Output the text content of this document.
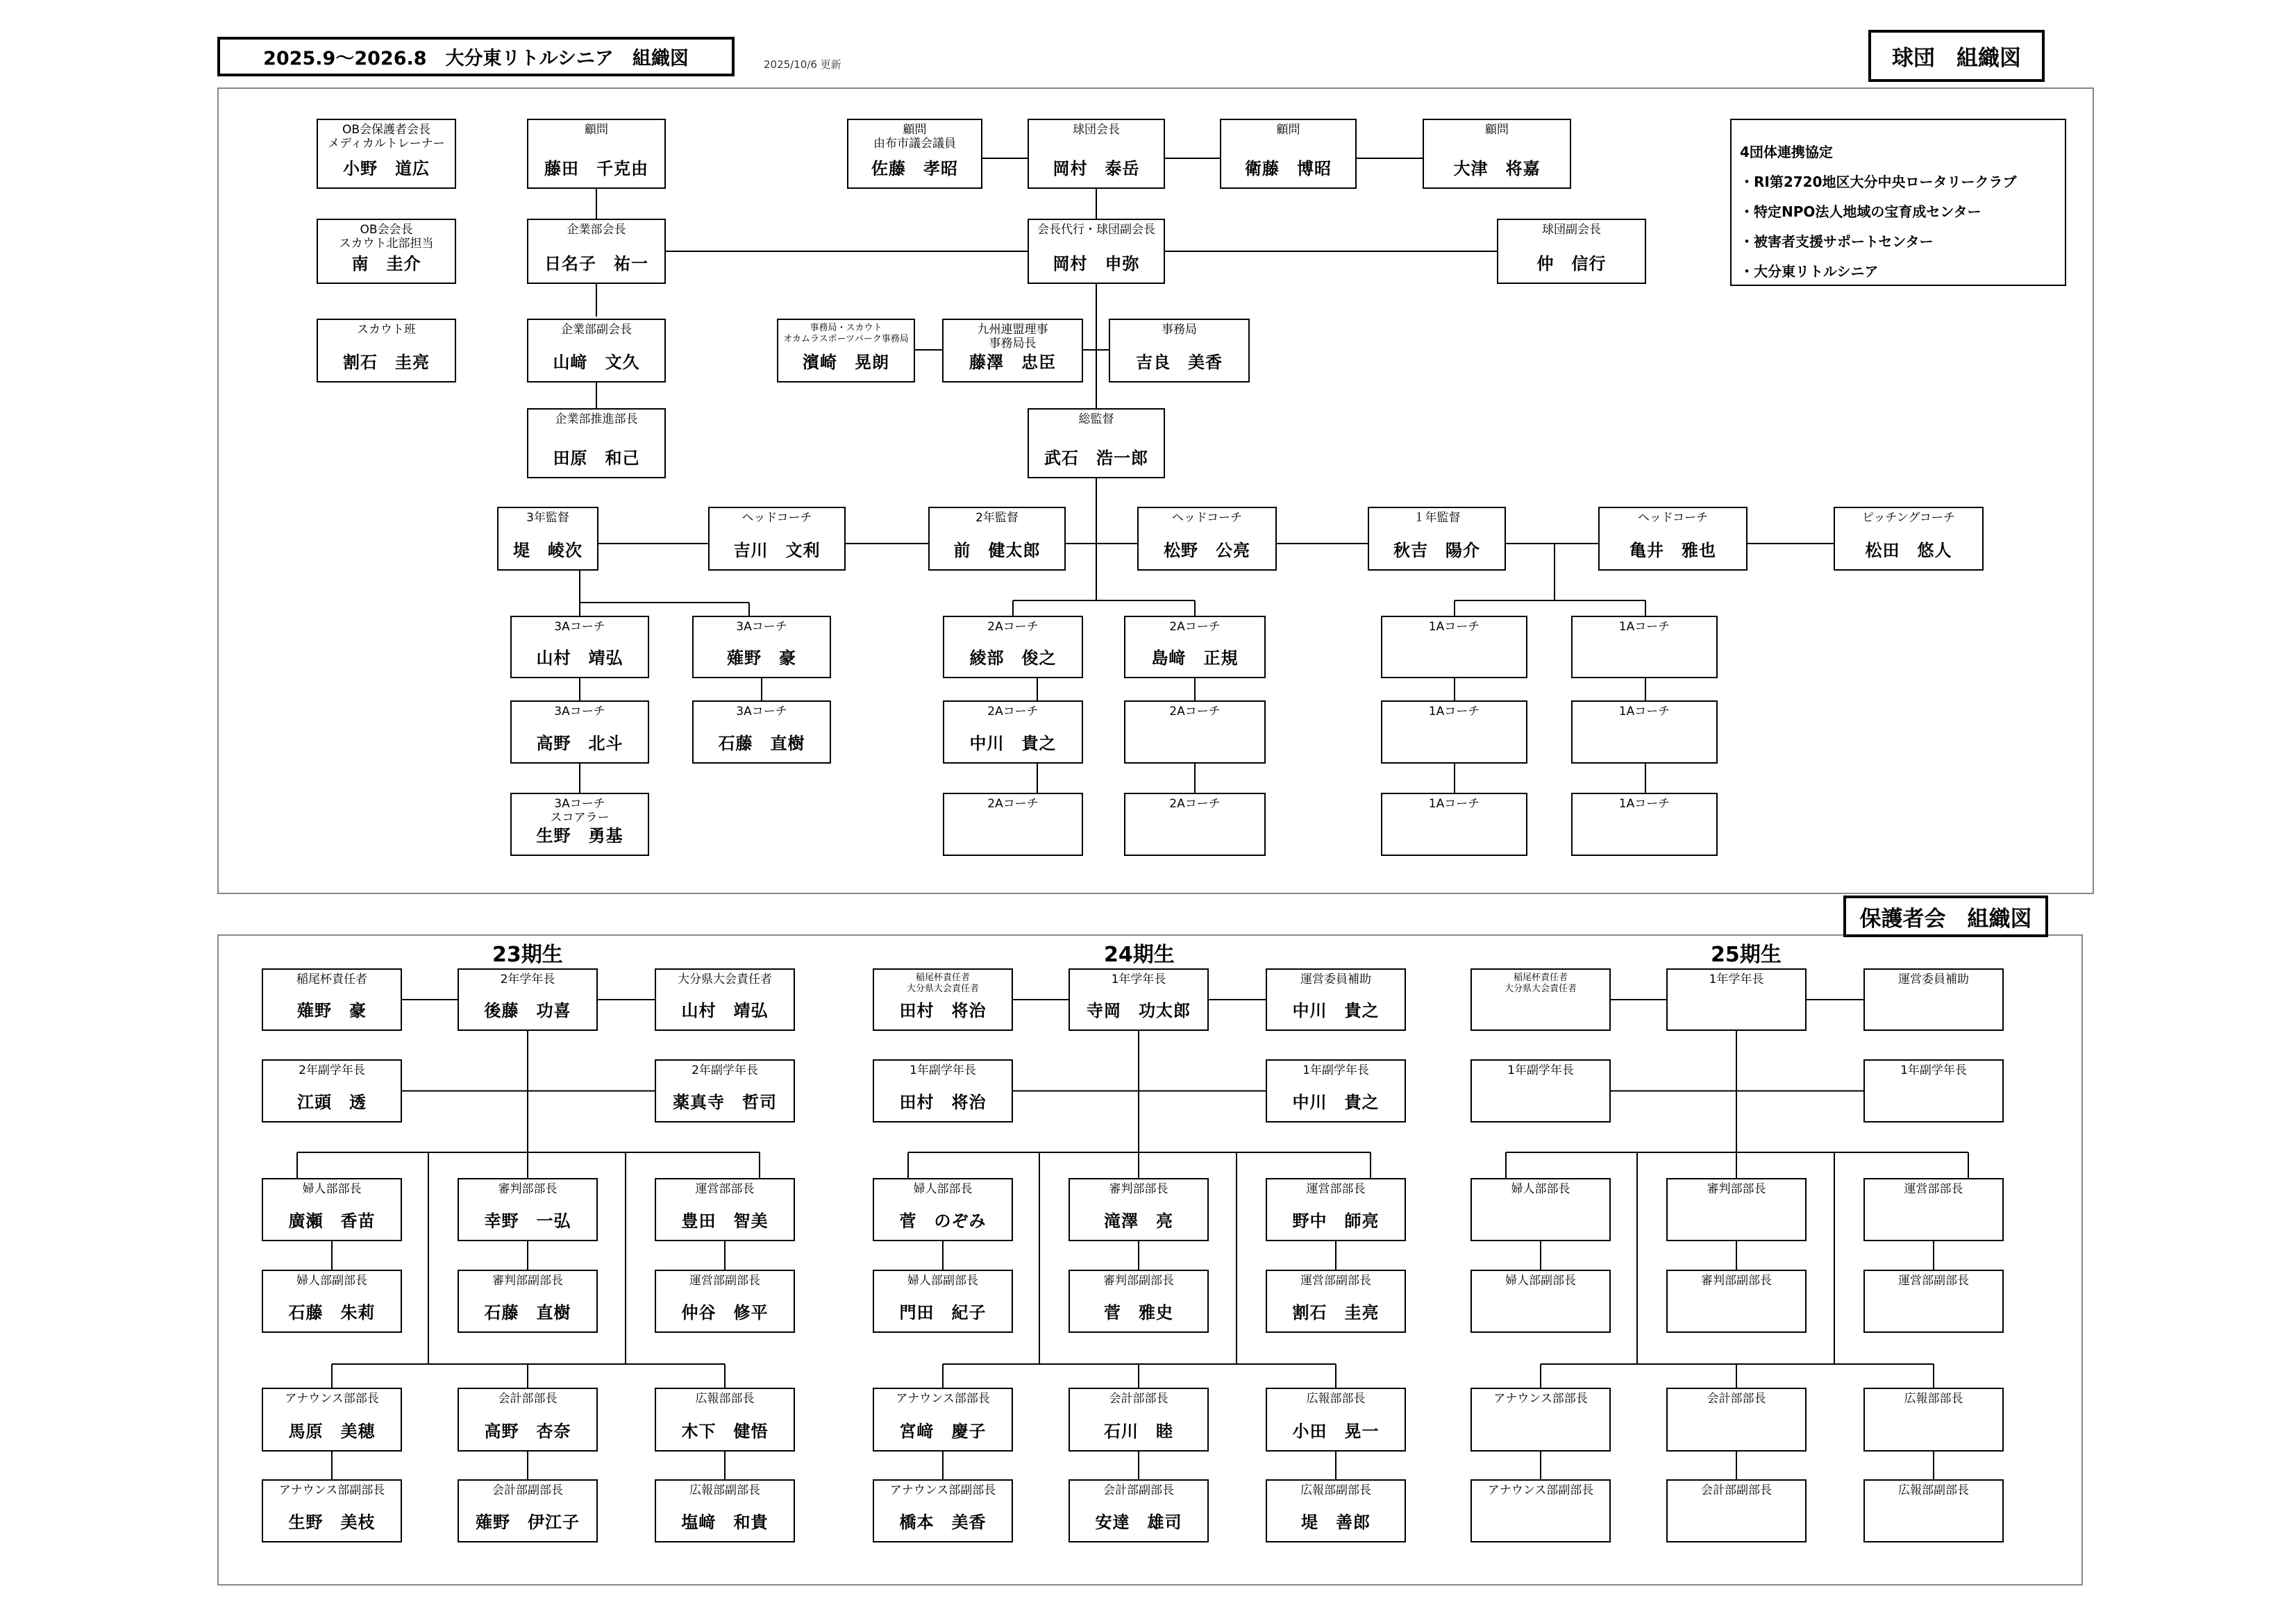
2025.9～2026.8　大分東リトルシニア　組織図	2025/10/6 更新	球団　組織図
保護者会　組織図
4団体連携協定
・RI第2720地区大分中央ロータリークラブ
・特定NPO法人地域の宝育成センター
・被害者支援サポートセンター
・大分東リトルシニア
23期生	24期生	25期生
OB会保護者会長
メディカルトレーナー
小野　道広
OB会会長
スカウト北部担当
南　圭介
スカウト班
割石　圭亮
顧問
藤田　千克由
顧問
由布市議会議員
佐藤　孝昭
球団会長
岡村　泰岳
顧問
衛藤　博昭
顧問
大津　将嘉
企業部会長
日名子　祐一
会長代行・球団副会長
岡村　申弥
球団副会長
仲　信行
企業部副会長
山﨑　文久
事務局・スカウト
オカムラスポーツパーク事務局
濱崎　晃朗
九州連盟理事
事務局長
藤澤　忠臣
事務局
吉良　美香
企業部推進部長
田原　和己
総監督
武石　浩一郎
3年監督
堤　崚次
ヘッドコーチ
吉川　文利
2年監督
前　健太郎
ヘッドコーチ
松野　公亮
１年監督
秋吉　陽介
ヘッドコーチ
亀井　雅也
ピッチングコーチ
松田　悠人
3Aコーチ
山村　靖弘
3Aコーチ
薙野　豪
3Aコーチ
高野　北斗
3Aコーチ
石藤　直樹
3Aコーチ
スコアラー
生野　勇基
2Aコーチ
綾部　俊之
2Aコーチ
島﨑　正規
2Aコーチ
中川　貴之
2Aコーチ
2Aコーチ	2Aコーチ
1Aコーチ	1Aコーチ
1Aコーチ	1Aコーチ
1Aコーチ	1Aコーチ
稲尾杯責任者
薙野　豪
2年学年長
後藤　功喜
大分県大会責任者
山村　靖弘
2年副学年長
江頭　透
2年副学年長
薬真寺　哲司
婦人部部長
廣瀬　香苗
審判部部長
幸野　一弘
運営部部長
豊田　智美
婦人部副部長
石藤　朱莉
審判部副部長
石藤　直樹
運営部副部長
仲谷　修平
アナウンス部部長
馬原　美穂
会計部部長
高野　杏奈
広報部部長
木下　健悟
アナウンス部副部長
生野　美枝
会計部副部長
薙野　伊江子
広報部副部長
塩﨑　和貴
稲尾杯責任者
大分県大会責任者
田村　将治
1年学年長
寺岡　功太郎
運営委員補助
中川　貴之
1年副学年長
田村　将治
1年副学年長
中川　貴之
婦人部部長
菅　のぞみ
審判部部長
滝澤　亮
運営部部長
野中　師亮
婦人部副部長
門田　紀子
審判部副部長
菅　雅史
運営部副部長
割石　圭亮
アナウンス部部長
宮﨑　慶子
会計部部長
石川　睦
広報部部長
小田　晃一
アナウンス部副部長
橋本　美香
会計部副部長
安達　雄司
広報部副部長
堤　善郎
稲尾杯責任者
大分県大会責任者
1年学年長	運営委員補助
1年副学年長	1年副学年長
婦人部部長	審判部部長	運営部部長
婦人部副部長	審判部副部長	運営部副部長
アナウンス部部長	会計部部長	広報部部長
アナウンス部副部長	会計部副部長	広報部副部長
